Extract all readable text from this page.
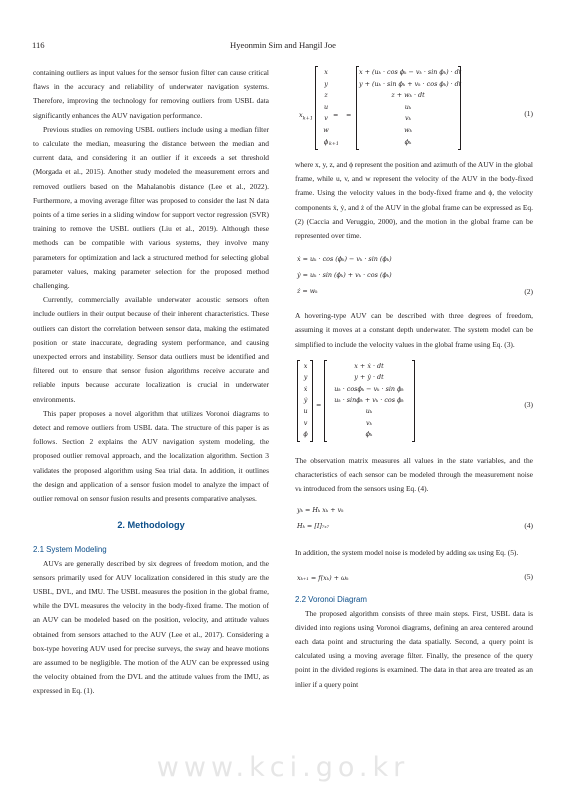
116	Hyeonmin Sim and Hangil Joe

containing outliers as input values for the sensor fusion filter can cause critical flaws in the accuracy and reliability of underwater navigation systems. Therefore, improving the technology for removing outliers from USBL data significantly enhances the AUV navigation performance.

Previous studies on removing USBL outliers include using a median filter to calculate the median, measuring the distance between the median and current data, and considering it an outlier if it exceeds a set threshold (Morgada et al., 2015). Another study modeled the measurement errors and removed outliers based on the Mahalanobis distance (Lee et al., 2022). Furthermore, a moving average filter was proposed to consider the last N data points of a time series in a sliding window for support vector regression (SVR) training to remove the USBL outliers (Liu et al., 2019). Although these methods can be compatible with various systems, they involve many parameters for optimization and lack a structured method for selecting global parameter values, making parameter selection for the proposed method challenging.

Currently, commercially available underwater acoustic sensors often include outliers in their output because of their inherent characteristics. These outliers can distort the correlation between sensor data, making the estimated position or state inaccurate, degrading system performance, and causing unexpected errors and instability. Sensor data outliers must be identified and filtered out to ensure that sensor fusion algorithms receive accurate and reliable inputs because accurate localization is crucial in underwater environments.

This paper proposes a novel algorithm that utilizes Voronoi diagrams to detect and remove outliers from USBL data. The structure of this paper is as follows. Section 2 explains the AUV navigation system modeling, the proposed outlier removal approach, and the localization algorithm. Section 3 validates the proposed algorithm using Sea trial data. In addition, it outlines the design and application of a sensor fusion model to analyze the impact of outlier removal on sensor fusion results and presents comparative analyses.

2. Methodology
2.1 System Modeling

AUVs are generally described by six degrees of freedom motion, and the sensors primarily used for AUV localization considered in this study are the USBL, DVL, and IMU. The USBL measures the position in the global frame, while the DVL measures the velocity in the body-fixed frame. The motion of an AUV can be modeled based on the position, velocity, and attitude values obtained from sensors attached to the AUV (Lee et al., 2017). Considering a box-type hovering AUV used for precise surveys, the sway and heave motions are assumed to be negligible. The motion of the AUV can be expressed using the velocity obtained from the DVL and the attitude values from the IMU, as expressed in Eq. (1).

$x_{k+1}$	=
x
y
z
u
v
w
ϕ k+1
=
x + (uₖ · cos ϕₖ − vₖ · sin ϕₖ) · dt
y + (uₖ · sin ϕₖ + vₖ · cos ϕₖ) · dt
z + wₖ · dt
uₖ
vₖ
wₖ
ϕₖ
(1)

where x, y, z, and ϕ represent the position and azimuth of the AUV in the global frame, while u, v, and w represent the velocity of the AUV in the body-fixed frame. Using the velocity values in the body-fixed frame and ϕ, the velocity components ẋ, ẏ, and ż of the AUV in the global frame can be expressed as Eq. (2) (Caccia and Veruggio, 2000), and the motion in the global frame can be represented over time.

ẋ = uₖ · cos (ϕₖ) − vₖ · sin (ϕₖ)
ẏ = uₖ · sin (ϕₖ) + vₖ · cos (ϕₖ)
ż = wₖ	(2)

A hovering-type AUV can be described with three degrees of freedom, assuming it moves at a constant depth underwater. The system model can be simplified to include the velocity values in the global frame using Eq. (3).

x
y
ẋ
ẏ
u
v
ϕ
=
x + ẋ · dt
y + ẏ · dt
uₖ · cosϕₖ − vₖ · sin ϕₖ
uₖ · sinϕₖ + vₖ · cos ϕₖ
uₖ
vₖ
ϕₖ
(3)

The observation matrix measures all values in the state variables, and the characteristics of each sensor can be modeled through the measurement noise vₖ introduced from the sensors using Eq. (4).

yₖ = Hₖ xₖ + vₖ
Hₖ = [I]₇ₓ₇	(4)

In addition, the system model noise is modeled by adding ωₖ using Eq. (5).

xₖ₊₁ = f(xₖ) + ωₖ	(5)
2.2 Voronoi Diagram

The proposed algorithm consists of three main steps. First, USBL data is divided into regions using Voronoi diagrams, defining an area centered around each data point and structuring the data spatially. Second, a query point is calculated using a moving average filter. Finally, the presence of the query point in the divided regions is examined. The data in that area are treated as an inlier if a query point

www.kci.go.kr
